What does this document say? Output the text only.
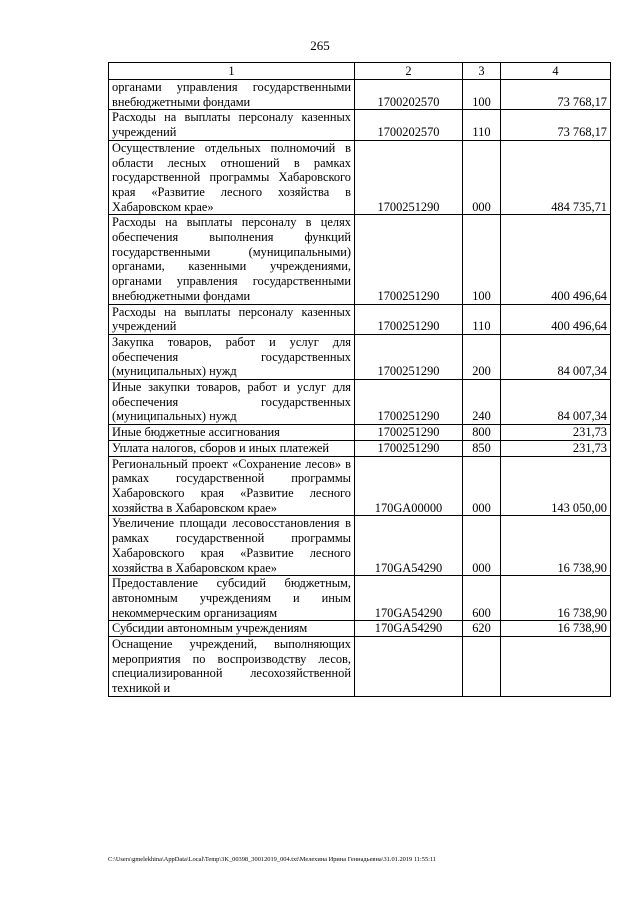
265
1	2	3	4
органами управления государственными внебюджетными фондами	1700202570	100	73 768,17
Расходы на выплаты персоналу казенных учреждений	1700202570	110	73 768,17
Осуществление отдельных полномочий в области лесных отношений в рамках государственной программы Хабаровского края «Развитие лесного хозяйства в Хабаровском крае»	1700251290	000	484 735,71
Расходы на выплаты персоналу в целях обеспечения выполнения функций государственными (муниципальными) органами, казенными учреждениями, органами управления государственными внебюджетными фондами	1700251290	100	400 496,64
Расходы на выплаты персоналу казенных учреждений	1700251290	110	400 496,64
Закупка товаров, работ и услуг для обеспечения государственных (муниципальных) нужд	1700251290	200	84 007,34
Иные закупки товаров, работ и услуг для обеспечения государственных (муниципальных) нужд	1700251290	240	84 007,34
Иные бюджетные ассигнования	1700251290	800	231,73
Уплата налогов, сборов и иных платежей	1700251290	850	231,73
Региональный проект «Сохранение лесов» в рамках государственной программы Хабаровского края «Развитие лесного хозяйства в Хабаровском крае»	170GA00000	000	143 050,00
Увеличение площади лесовосстановления в рамках государственной программы Хабаровского края «Развитие лесного хозяйства в Хабаровском крае»	170GA54290	000	16 738,90
Предоставление субсидий бюджетным, автономным учреждениям и иным некоммерческим организациям	170GA54290	600	16 738,90
Субсидии автономным учреждениям	170GA54290	620	16 738,90
Оснащение учреждений, выполняющих мероприятия по воспроизводству лесов, специализированной лесохозяйственной техникой и			
C:\Users\gmelekhina\AppData\Local\Temp\3K_00398_30012019_004.txt\Мелехина Ирина Геннадьевна\31.01.2019 11:55:11
